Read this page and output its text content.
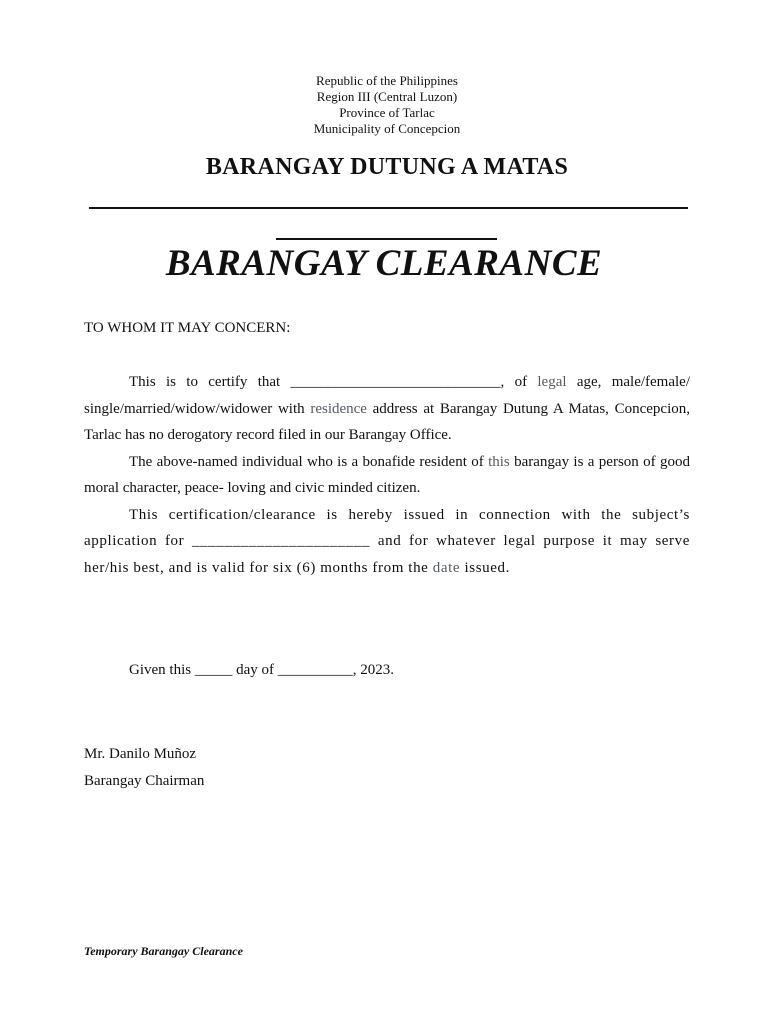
Republic of the Philippines
Region III (Central Luzon)
Province of Tarlac
Municipality of Concepcion
BARANGAY DUTUNG A MATAS
BARANGAY CLEARANCE
TO WHOM IT MAY CONCERN:

This is to certify that ____________________________, of legal age, male/female/ single/married/widow/widower with residence address at Barangay Dutung A Matas, Concepcion, Tarlac has no derogatory record filed in our Barangay Office.

The above-named individual who is a bonafide resident of this barangay is a person of good moral character, peace- loving and civic minded citizen.

This certification/clearance is hereby issued in connection with the subject’s application for ______________________ and for whatever legal purpose it may serve her/his best, and is valid for six (6) months from the date issued.

Given this _____ day of __________, 2023.
Mr. Danilo Muñoz
Barangay Chairman
Temporary Barangay Clearance
